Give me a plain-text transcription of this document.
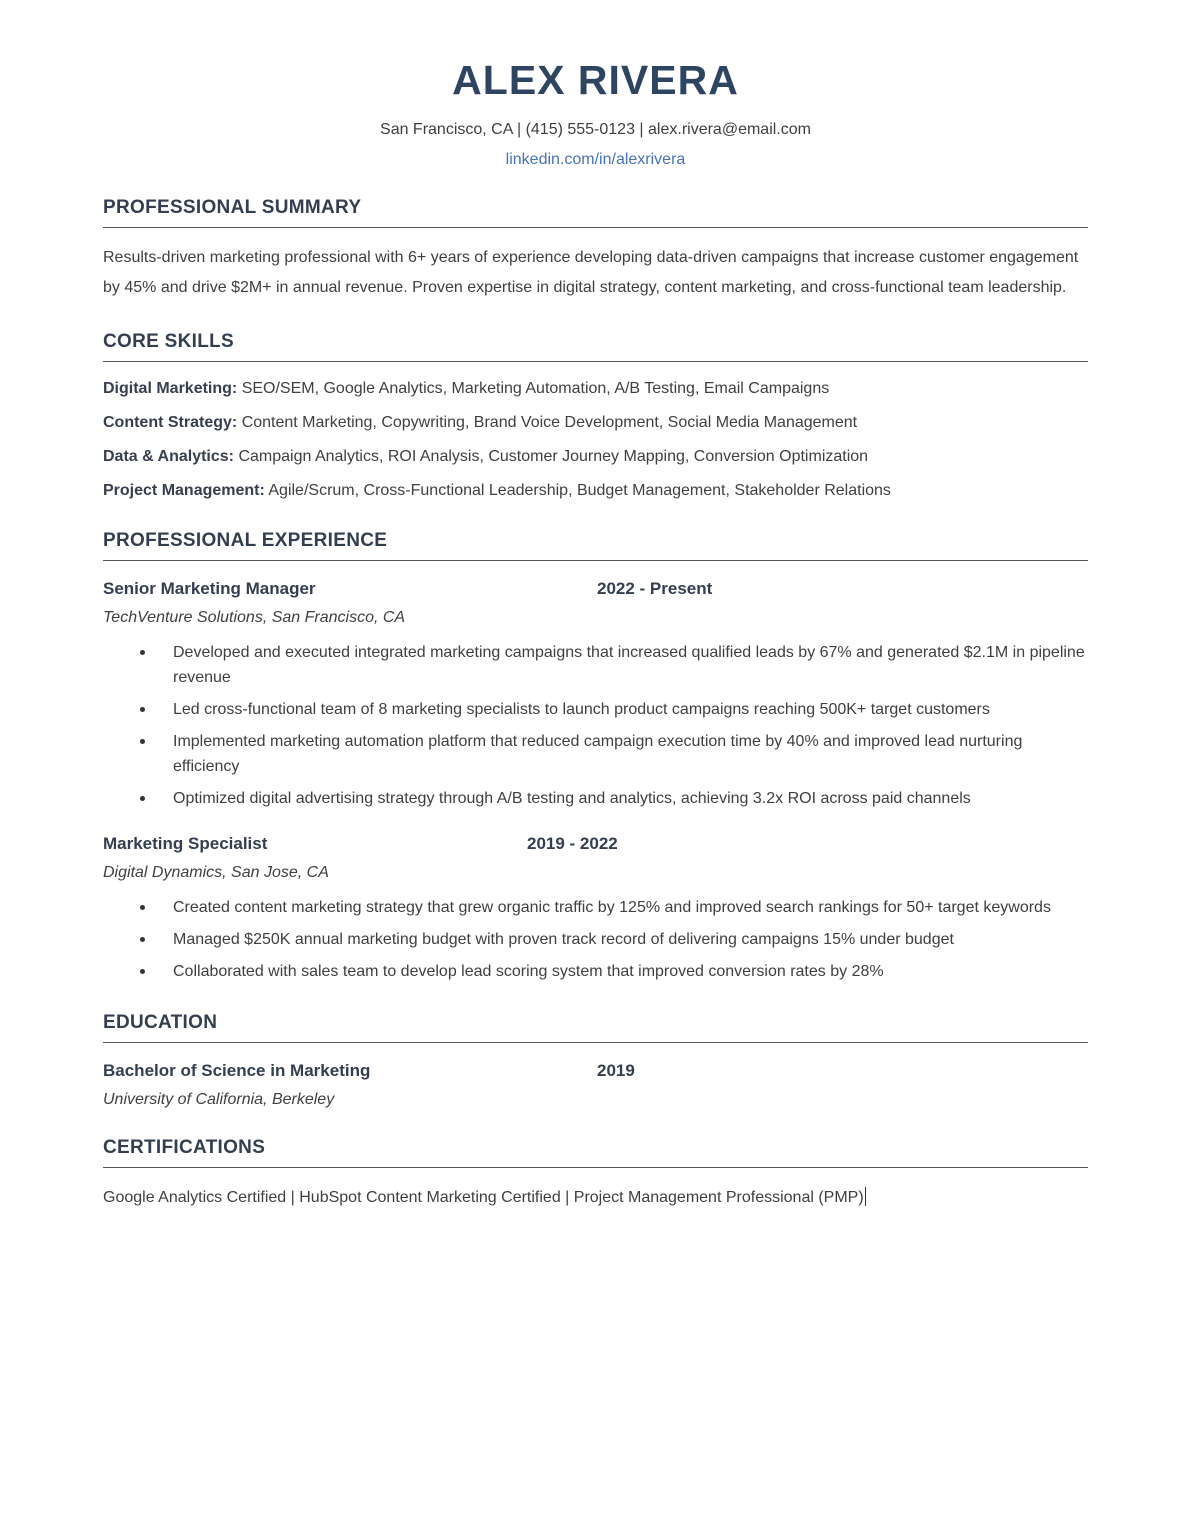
ALEX RIVERA
San Francisco, CA | (415) 555-0123 | alex.rivera@email.com
linkedin.com/in/alexrivera
PROFESSIONAL SUMMARY

Results-driven marketing professional with 6+ years of experience developing data-driven campaigns that increase customer engagement by 45% and drive $2M+ in annual revenue. Proven expertise in digital strategy, content marketing, and cross-functional team leadership.

CORE SKILLS

Digital Marketing: SEO/SEM, Google Analytics, Marketing Automation, A/B Testing, Email Campaigns

Content Strategy: Content Marketing, Copywriting, Brand Voice Development, Social Media Management

Data & Analytics: Campaign Analytics, ROI Analysis, Customer Journey Mapping, Conversion Optimization

Project Management: Agile/Scrum, Cross-Functional Leadership, Budget Management, Stakeholder Relations

PROFESSIONAL EXPERIENCE
Senior Marketing Manager	2022 - Present
TechVenture Solutions, San Francisco, CA
Developed and executed integrated marketing campaigns that increased qualified leads by 67% and generated $2.1M in pipeline revenue
Led cross-functional team of 8 marketing specialists to launch product campaigns reaching 500K+ target customers
Implemented marketing automation platform that reduced campaign execution time by 40% and improved lead nurturing efficiency
Optimized digital advertising strategy through A/B testing and analytics, achieving 3.2x ROI across paid channels
Marketing Specialist	2019 - 2022
Digital Dynamics, San Jose, CA
Created content marketing strategy that grew organic traffic by 125% and improved search rankings for 50+ target keywords
Managed $250K annual marketing budget with proven track record of delivering campaigns 15% under budget
Collaborated with sales team to develop lead scoring system that improved conversion rates by 28%
EDUCATION
Bachelor of Science in Marketing	2019
University of California, Berkeley
CERTIFICATIONS

Google Analytics Certified | HubSpot Content Marketing Certified | Project Management Professional (PMP)
